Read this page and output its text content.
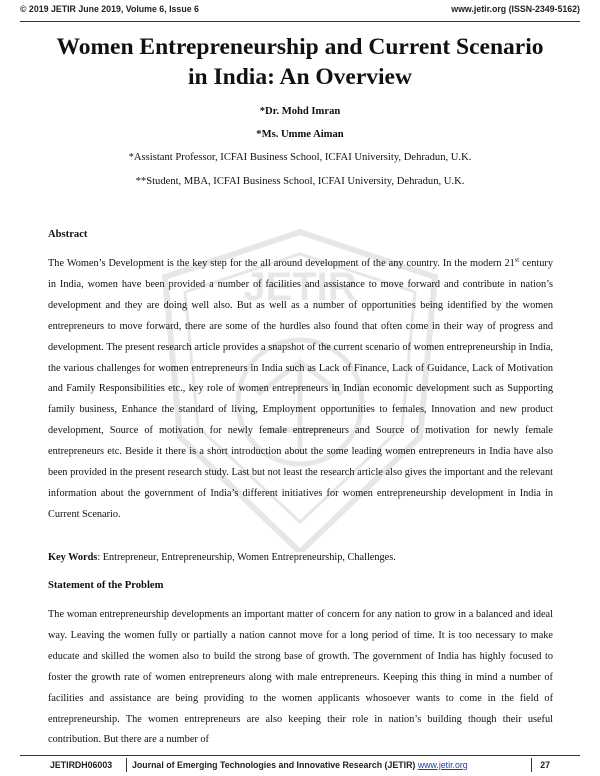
© 2019 JETIR June 2019, Volume 6, Issue 6	www.jetir.org (ISSN-2349-5162)
JETIR
Women Entrepreneurship and Current Scenario
in India: An Overview
*Dr. Mohd Imran
*Ms. Umme Aiman
*Assistant Professor, ICFAI Business School, ICFAI University, Dehradun, U.K.
**Student, MBA, ICFAI Business School, ICFAI University, Dehradun, U.K.
Abstract

The Women’s Development is the key step for the all around development of the any country. In the modern 21st century in India, women have been provided a number of facilities and assistance to move forward and contribute in nation’s development and they are doing well also. But as well as a number of opportunities being identified by the women entrepreneurs to move forward, there are some of the hurdles also found that often come in their way of progress and development. The present research article provides a snapshot of the current scenario of women entrepreneurship in India, the various challenges for women entrepreneurs in India such as Lack of Finance, Lack of Guidance, Lack of Motivation and Family Responsibilities etc., key role of women entrepreneurs in Indian economic development such as Supporting family business, Enhance the standard of living, Employment opportunities to females, Innovation and new product development, Source of motivation for newly female entrepreneurs and Source of motivation for newly female entrepreneurs etc. Beside it there is a short introduction about the some leading women entrepreneurs in India have also been provided in the present research study. Last but not least the research article also gives the important and the relevant information about the government of India’s different initiatives for women entrepreneurship development in India in Current Scenario.

Key Words: Entrepreneur, Entrepreneurship, Women Entrepreneurship, Challenges.

Statement of the Problem

The woman entrepreneurship developments an important matter of concern for any nation to grow in a balanced and ideal way. Leaving the women fully or partially a nation cannot move for a long period of time. It is too necessary to make educate and skilled the women also to build the strong base of growth. The government of India has highly focused to foster the growth rate of women entrepreneurs along with male entrepreneurs. Keeping this thing in mind a number of facilities and assistance are being providing to the women applicants whosoever wants to come in the field of entrepreneurship. The women entrepreneurs are also keeping their role in nation’s building though their useful contribution. But there are a number of

JETIRDH06003 Journal of Emerging Technologies and Innovative Research (JETIR) www.jetir.org	27
